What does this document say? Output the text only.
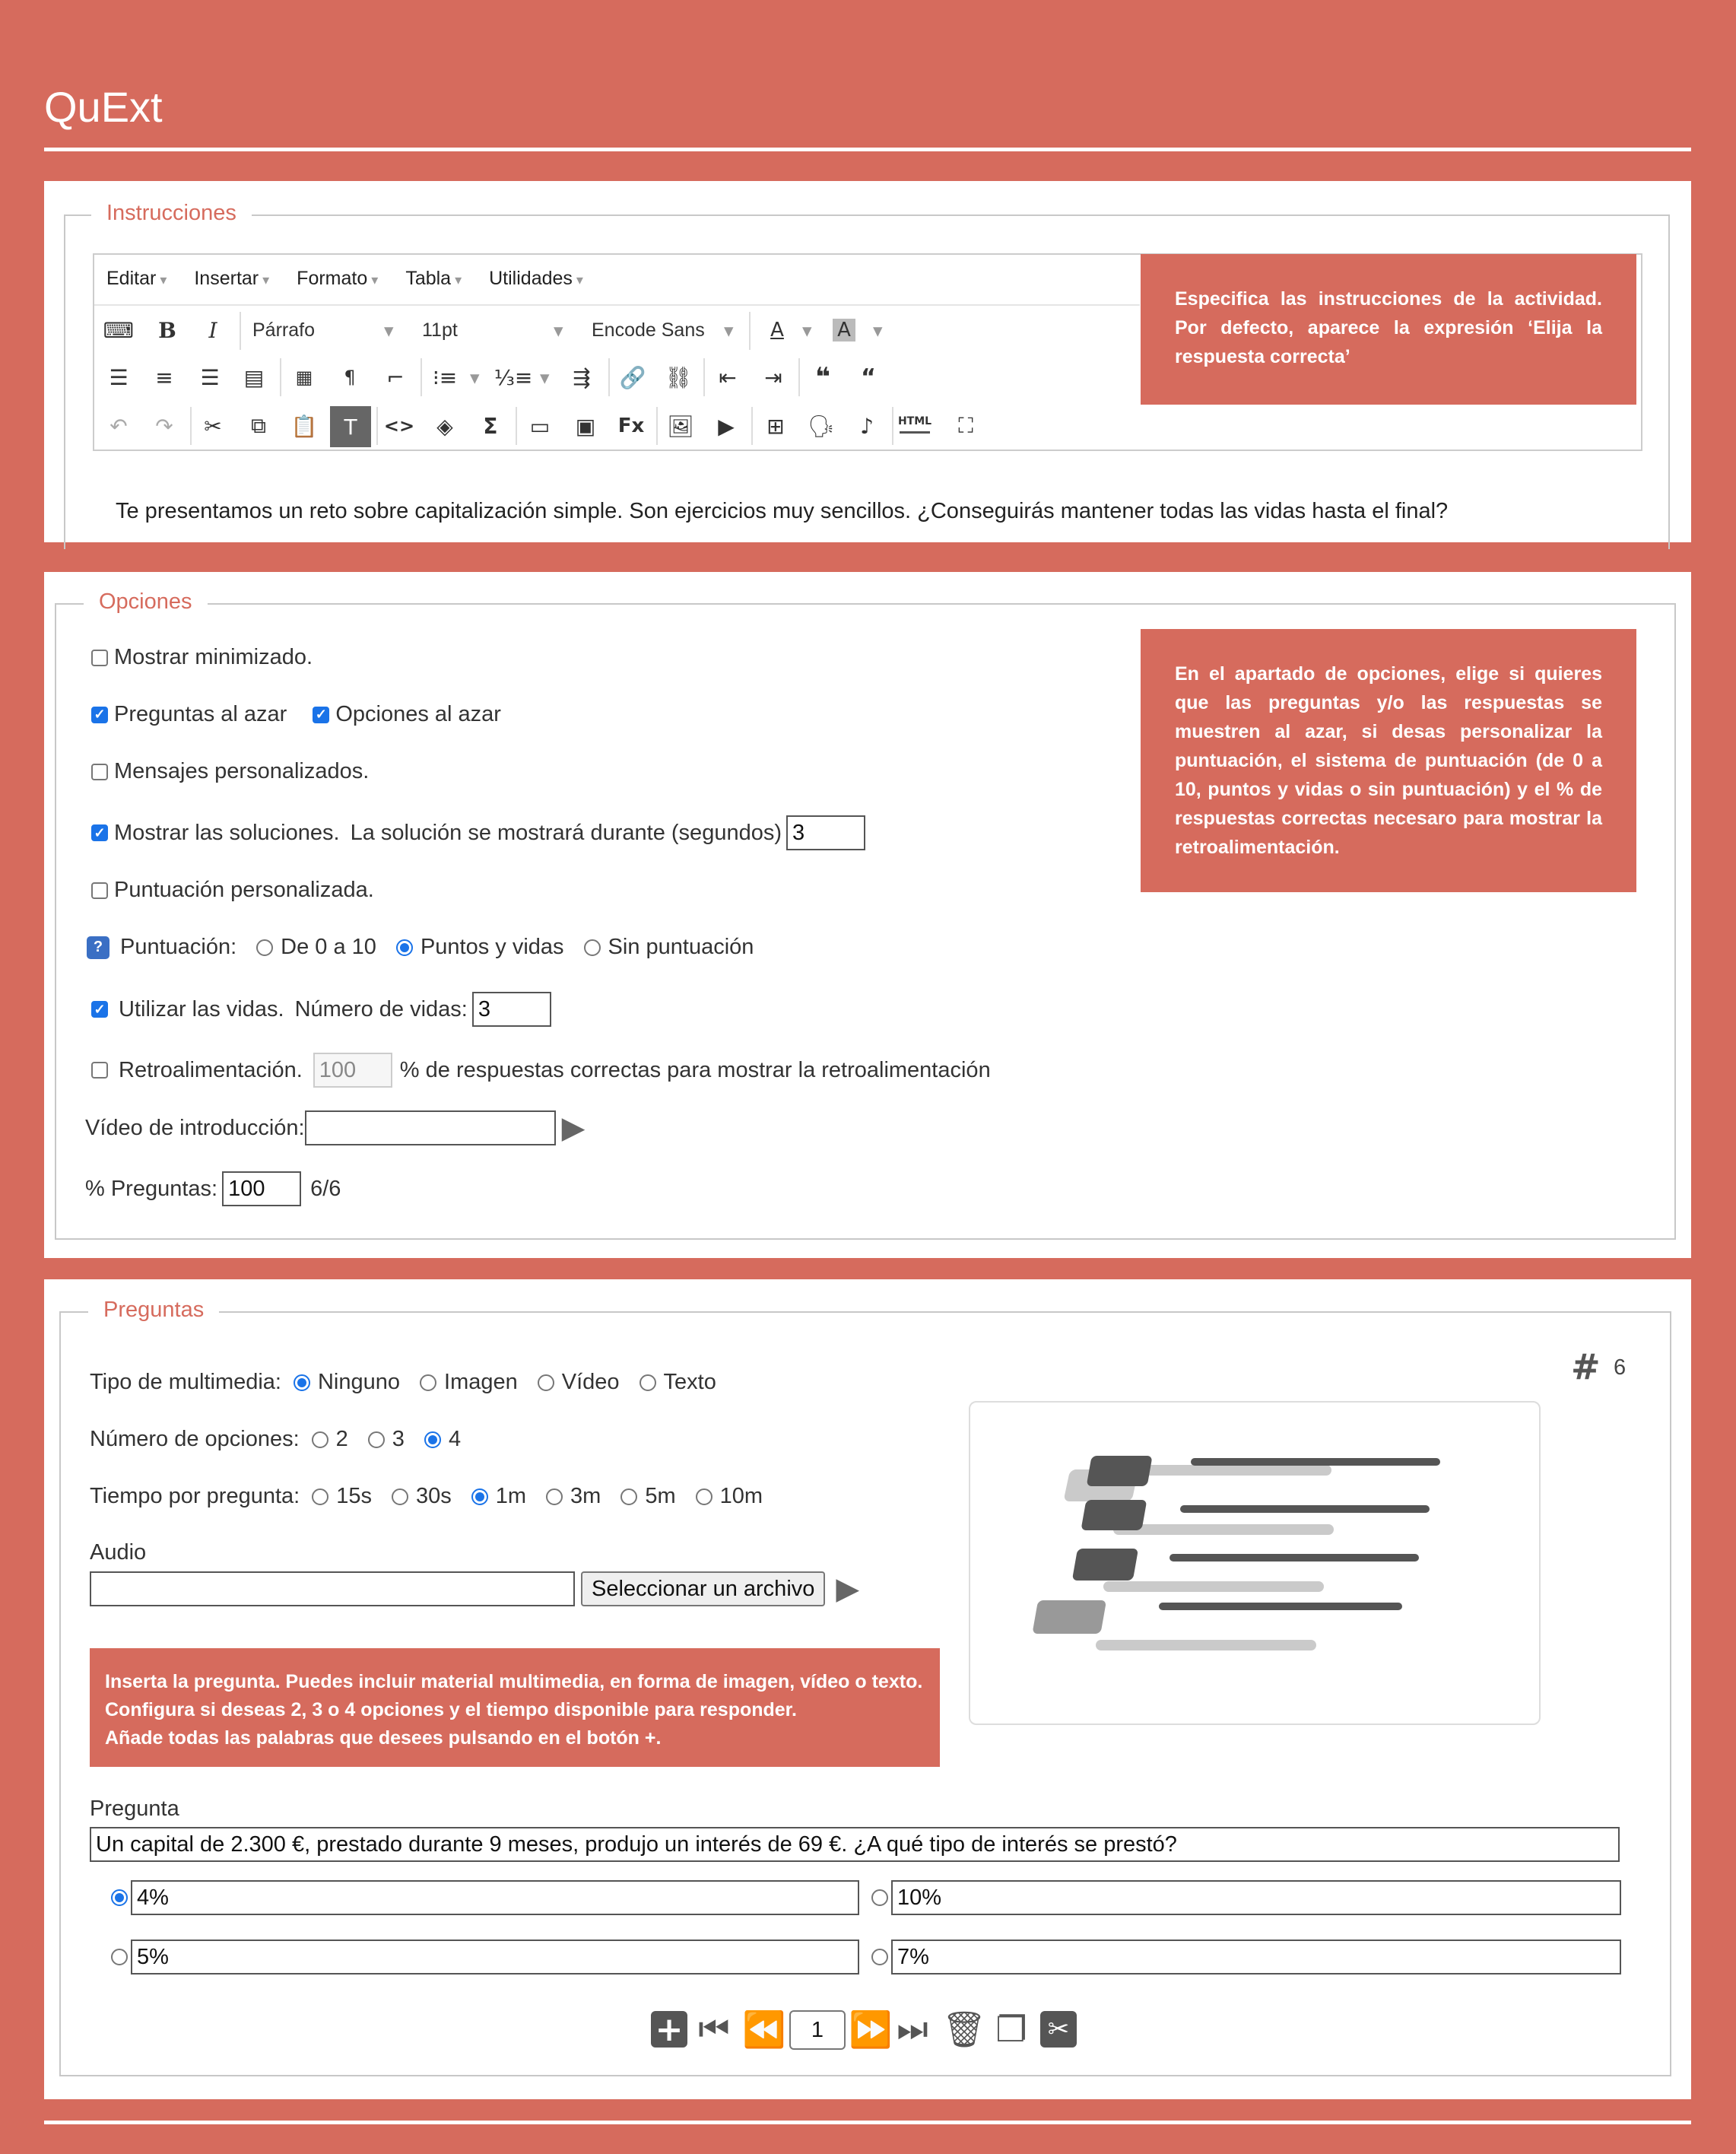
QuExt
Instrucciones
Editar ▾	Insertar ▾	Formato ▾	Tabla ▾	Utilidades ▾
⌨ B	I	Párrafo	▾ 11pt	▾ Encode Sans ▾	A ▾ A ▾
☰ ≡ ☰ ▤	▦	¶	⌐ ⁝≡ ▾ ⅓≡ ▾ ⇶ 🔗 ⛓ ⇤ ⇥ ❝	“
↶ ↷ ✂	⧉	📋	T	<>	◈	Σ	▭ ▣ Fx 🖼	▶	⊞ 🗣	♪	HTML	⛶
Te presentamos un reto sobre capitalización simple. Son ejercicios muy sencillos. ¿Conseguirás mantener todas las vidas hasta el final?
Especifica las instrucciones de la actividad. Por defecto, aparece la expresión ‘Elija la respuesta correcta’
Opciones
Mostrar minimizado.
✓ Preguntas al azar ✓ Opciones al azar
Mensajes personalizados.
✓ Mostrar las soluciones. La solución se mostrará durante (segundos) 3
Puntuación personalizada.
? Puntuación: De 0 a 10 Puntos y vidas Sin puntuación
✓ Utilizar las vidas. Número de vidas: 3
Retroalimentación. 100	% de respuestas correctas para mostrar la retroalimentación
Vídeo de introducción:	▶
% Preguntas: 100	6/6
En el apartado de opciones, elige si quieres que las preguntas y/o las respuestas se muestren al azar, si desas personalizar la puntuación, el sistema de puntuación (de 0 a 10, puntos y vidas o sin puntuación) y el % de respuestas correctas necesaro para mostrar la retroalimentación.
Preguntas
# 6
Tipo de multimedia: Ninguno Imagen Vídeo Texto
Número de opciones: 2 3 4
Tiempo por pregunta: 15s 30s 1m 3m 5m 10m
Audio
Seleccionar un archivo ▶
Inserta la pregunta. Puedes incluir material multimedia, en forma de imagen, vídeo o texto.
Configura si deseas 2, 3 o 4 opciones y el tiempo disponible para responder.
Añade todas las palabras que desees pulsando en el botón +.
Pregunta
Un capital de 2.300 €, prestado durante 9 meses, produjo un interés de 69 €. ¿A qué tipo de interés se prestó?
4%	10%
5%	7%
+ ⏮ ⏪	1 ⏩ ⏭ 🗑 ❐ ✂
